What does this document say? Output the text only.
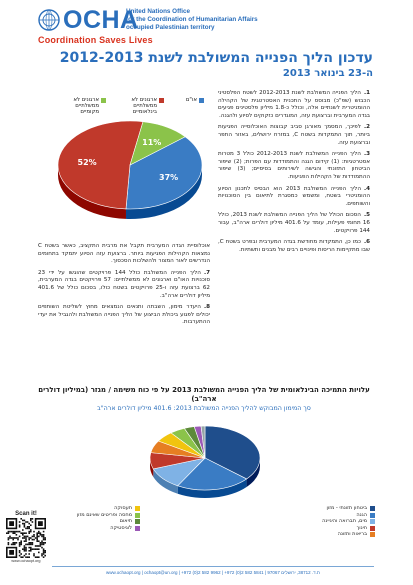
OCHA
United Nations Office
for the Coordination of Humanitarian Affairs
occupied Palestinian territory
Coordination Saves Lives
עדכון הליך הפנייה המשולבת לשנת 2012-2013
ה-23 בינואר 2013

1.הליך הפנייה המשולבת לשנת 2012-2013 לשטח הפלסטיני הכבוש (שפ"כ) מבוסס על התכנית האסטרטגית של הקהילה ההומניטרית לשנתיים אלה, וכולל כ-1.8 מיליון פלסטינים פגיעים בגדה המערבית וברצועת עזה, המוגדרים כזקוקים לסיוע ולהגנה.

2.לפיכך, המסמך מאורגן סביב קבוצות האוכלוסייה הפגיעות ביותר, תוך התמקדות בשטח C, במזרח ירושלים, באזור התפר וברצועת עזה.

3.הליך הפנייה המשולבת לשנת 2012-2013 כולל 3 מטרות אסטרטגיות: (1) קידום הגנה והתמודדות עם הפרות; (2) שיפור הביטחון התזונתי והגישה לשירותים בסיסיים; (3) שיפור ההתמודדות של הקהילות הפגיעות.

4.הליך הפנייה המשולבת 2013 הוא הבסיס לתכנון הסיוע ההומניטרי בשטח, ומשמש כמסגרת לתיאום בין הסוכנויות והשותפים.

5.הסכום הכולל של הליך הפנייה המשולבת לשנת 2013, כולל 16 תחומי פעילות, עומד על 401.6 מיליון דולרים ארה"ב, עבור 144 פרויקטים.

6.כמו כן, התמקדות מחודשת בגדה המערבית ובפרט בשטח C, שבו מתקיימות הריסות ופינויים רבים של מבנים ותשתיות.

אוכלוסיית הגדה המערבית תקבל את מרבית התקציב, כאשר בשטח C נמצאות הקהילות הפגיעות ביותר. ברצועת עזה הסיוע יתמקד בתחומים הנדרשים לאור המצור ולהשלכות הסכסוך.

7.הליך הפנייה המשולבת כולל 144 פרויקטים שהוגשו על ידי 23 סוכנויות האו"ם וארגונים לא ממשלתיים: 57 פרויקטים בגדה המערבית, 62 ברצועת עזה ו-25 פרויקטים בשטח כולו, בסכום כולל של 401.6 מיליון דולרים ארה"ב.

8.היעדר מימון, השבתה ותנאים הנמצאים מחוץ לשליטת השותפים יכולים לפגוע ביכולת הביצוע של הליך הפנייה המשולבת ולהגביל את יעדי ההתערבות.

37%
52%
11%
ארגונים לא ממשלתיים מקומיים
ארגונים לא ממשלתיים בינלאומיים
או"ם
עלויות התמיכה הבינלאומית של הליך הפנייה המשולבת 2013 על פי כוח משימה / מגזר (במיליון דולרים ארה"ב)
סך המימון המבוקש להליך הפנייה המשולבת 2013: 401.6 מיליון דולרים ארה"ב
ביטחון תזונתי - מזון
הגנה
מים, תברואה והיגיינה
חינוך
בריאות ותזונה
תעסוקה
מחסה ופריטים שאינם מזון
תיאום
לוגיסטיקה
Scan it!
www.ochaopt.org
www.ochaopt.org | ochaopt@un.org | +972 (0)2 582 9962 | +972 (0)2 582 5841 | ת.ד. 38712, ירושלים 97067
